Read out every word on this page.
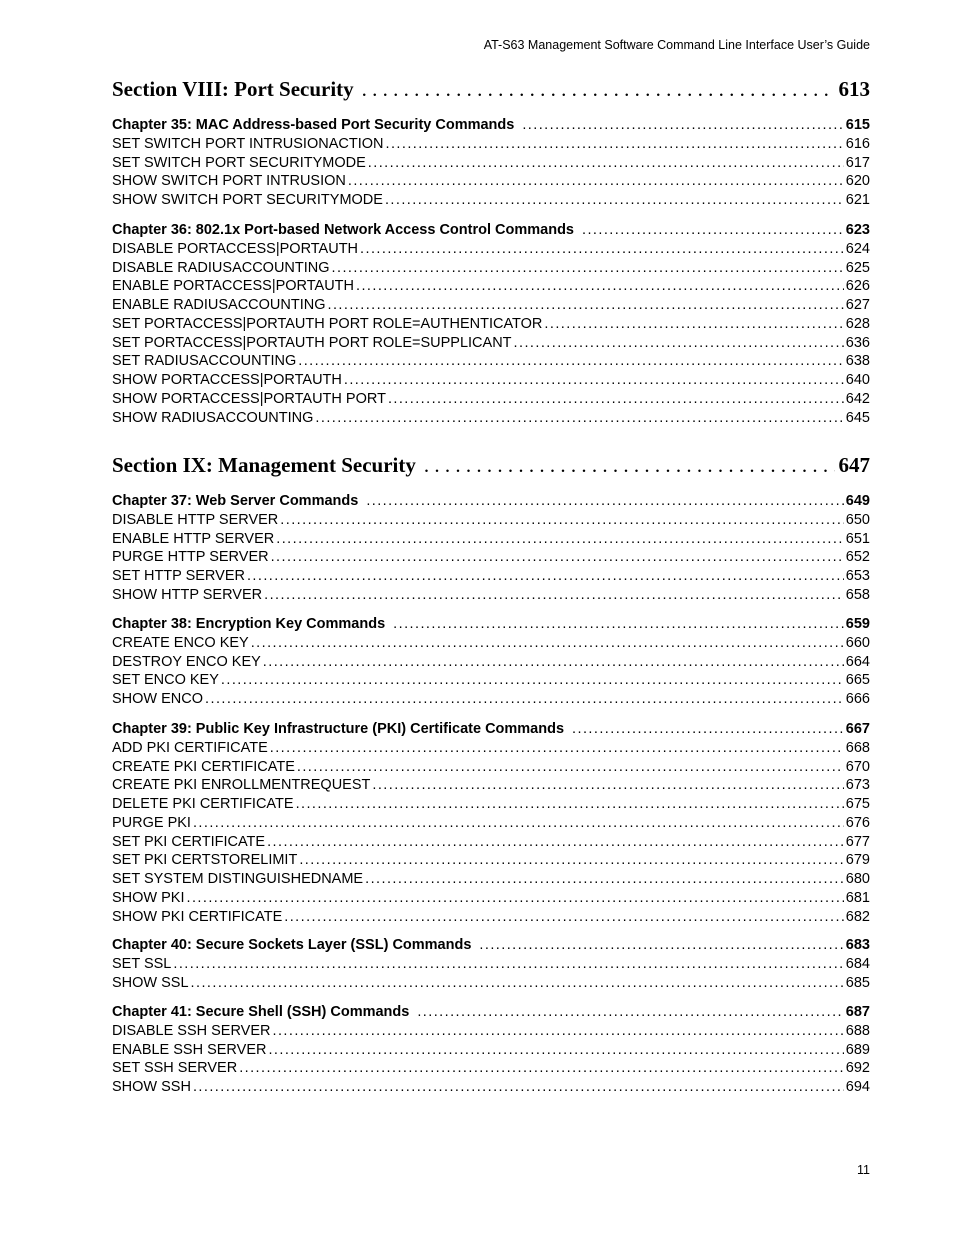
AT-S63 Management Software Command Line Interface User’s Guide
Section VIII: Port Security . . .	613
Chapter 35: MAC Address-based Port Security Commands . . .	615
SET SWITCH PORT INTRUSIONACTION . . .	616
SET SWITCH PORT SECURITYMODE . . .	617
SHOW SWITCH PORT INTRUSION . . .	620
SHOW SWITCH PORT SECURITYMODE . . .	621
Chapter 36: 802.1x Port-based Network Access Control Commands . . .	623
DISABLE PORTACCESS|PORTAUTH . . .	624
DISABLE RADIUSACCOUNTING . . .	625
ENABLE PORTACCESS|PORTAUTH . . .	626
ENABLE RADIUSACCOUNTING . . .	627
SET PORTACCESS|PORTAUTH PORT ROLE=AUTHENTICATOR . . .	628
SET PORTACCESS|PORTAUTH PORT ROLE=SUPPLICANT . . .	636
SET RADIUSACCOUNTING . . .	638
SHOW PORTACCESS|PORTAUTH . . .	640
SHOW PORTACCESS|PORTAUTH PORT . . .	642
SHOW RADIUSACCOUNTING . . .	645
Section IX: Management Security . . .	647
Chapter 37: Web Server Commands . . .	649
DISABLE HTTP SERVER . . .	650
ENABLE HTTP SERVER . . .	651
PURGE HTTP SERVER . . .	652
SET HTTP SERVER . . .	653
SHOW HTTP SERVER . . .	658
Chapter 38: Encryption Key Commands . . .	659
CREATE ENCO KEY . . .	660
DESTROY ENCO KEY . . .	664
SET ENCO KEY . . .	665
SHOW ENCO . . .	666
Chapter 39: Public Key Infrastructure (PKI) Certificate Commands . . .	667
ADD PKI CERTIFICATE . . .	668
CREATE PKI CERTIFICATE . . .	670
CREATE PKI ENROLLMENTREQUEST . . .	673
DELETE PKI CERTIFICATE . . .	675
PURGE PKI . . .	676
SET PKI CERTIFICATE . . .	677
SET PKI CERTSTORELIMIT . . .	679
SET SYSTEM DISTINGUISHEDNAME . . .	680
SHOW PKI . . .	681
SHOW PKI CERTIFICATE . . .	682
Chapter 40: Secure Sockets Layer (SSL) Commands . . .	683
SET SSL . . .	684
SHOW SSL . . .	685
Chapter 41: Secure Shell (SSH) Commands . . .	687
DISABLE SSH SERVER . . .	688
ENABLE SSH SERVER . . .	689
SET SSH SERVER . . .	692
SHOW SSH . . .	694
11
